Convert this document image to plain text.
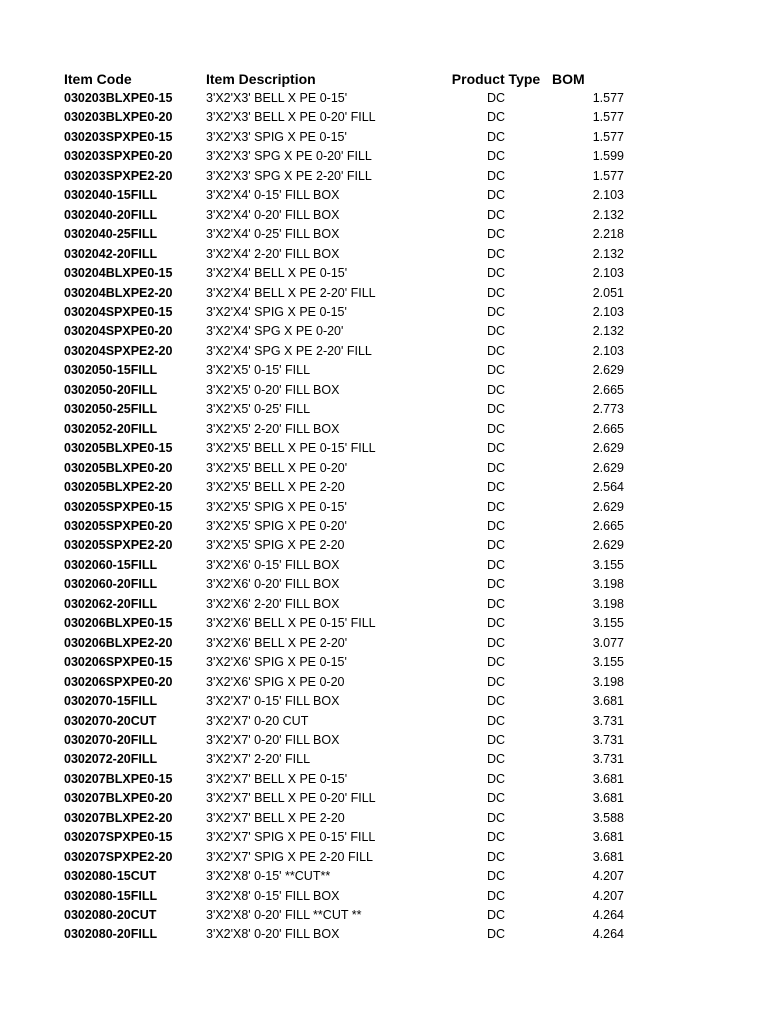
Item Code	Item Description	Product Type	BOM
030203BLXPE0-15	3'X2'X3' BELL X PE 0-15'	DC	1.577
030203BLXPE0-20	3'X2'X3' BELL X PE 0-20' FILL	DC	1.577
030203SPXPE0-15	3'X2'X3' SPIG X PE 0-15'	DC	1.577
030203SPXPE0-20	3'X2'X3' SPG X PE 0-20' FILL	DC	1.599
030203SPXPE2-20	3'X2'X3' SPG X PE 2-20' FILL	DC	1.577
0302040-15FILL	3'X2'X4' 0-15' FILL BOX	DC	2.103
0302040-20FILL	3'X2'X4' 0-20' FILL BOX	DC	2.132
0302040-25FILL	3'X2'X4' 0-25' FILL BOX	DC	2.218
0302042-20FILL	3'X2'X4' 2-20' FILL BOX	DC	2.132
030204BLXPE0-15	3'X2'X4' BELL X PE 0-15'	DC	2.103
030204BLXPE2-20	3'X2'X4' BELL X PE 2-20' FILL	DC	2.051
030204SPXPE0-15	3'X2'X4' SPIG X PE 0-15'	DC	2.103
030204SPXPE0-20	3'X2'X4' SPG X PE 0-20'	DC	2.132
030204SPXPE2-20	3'X2'X4' SPG X PE 2-20' FILL	DC	2.103
0302050-15FILL	3'X2'X5' 0-15' FILL	DC	2.629
0302050-20FILL	3'X2'X5' 0-20' FILL BOX	DC	2.665
0302050-25FILL	3'X2'X5' 0-25' FILL	DC	2.773
0302052-20FILL	3'X2'X5' 2-20' FILL BOX	DC	2.665
030205BLXPE0-15	3'X2'X5' BELL X PE 0-15' FILL	DC	2.629
030205BLXPE0-20	3'X2'X5' BELL X PE 0-20'	DC	2.629
030205BLXPE2-20	3'X2'X5' BELL X PE 2-20	DC	2.564
030205SPXPE0-15	3'X2'X5' SPIG X PE 0-15'	DC	2.629
030205SPXPE0-20	3'X2'X5' SPIG X PE 0-20'	DC	2.665
030205SPXPE2-20	3'X2'X5' SPIG X PE 2-20	DC	2.629
0302060-15FILL	3'X2'X6' 0-15' FILL BOX	DC	3.155
0302060-20FILL	3'X2'X6' 0-20' FILL BOX	DC	3.198
0302062-20FILL	3'X2'X6' 2-20' FILL BOX	DC	3.198
030206BLXPE0-15	3'X2'X6' BELL X PE 0-15' FILL	DC	3.155
030206BLXPE2-20	3'X2'X6' BELL X PE 2-20'	DC	3.077
030206SPXPE0-15	3'X2'X6' SPIG X PE 0-15'	DC	3.155
030206SPXPE0-20	3'X2'X6' SPIG X PE 0-20	DC	3.198
0302070-15FILL	3'X2'X7' 0-15' FILL BOX	DC	3.681
0302070-20CUT	3'X2'X7' 0-20 CUT	DC	3.731
0302070-20FILL	3'X2'X7' 0-20' FILL BOX	DC	3.731
0302072-20FILL	3'X2'X7' 2-20' FILL	DC	3.731
030207BLXPE0-15	3'X2'X7' BELL X PE 0-15'	DC	3.681
030207BLXPE0-20	3'X2'X7' BELL X PE 0-20' FILL	DC	3.681
030207BLXPE2-20	3'X2'X7' BELL X PE 2-20	DC	3.588
030207SPXPE0-15	3'X2'X7' SPIG X PE 0-15' FILL	DC	3.681
030207SPXPE2-20	3'X2'X7' SPIG X PE 2-20 FILL	DC	3.681
0302080-15CUT	3'X2'X8' 0-15' **CUT**	DC	4.207
0302080-15FILL	3'X2'X8' 0-15' FILL BOX	DC	4.207
0302080-20CUT	3'X2'X8' 0-20' FILL **CUT **	DC	4.264
0302080-20FILL	3'X2'X8' 0-20' FILL BOX	DC	4.264
